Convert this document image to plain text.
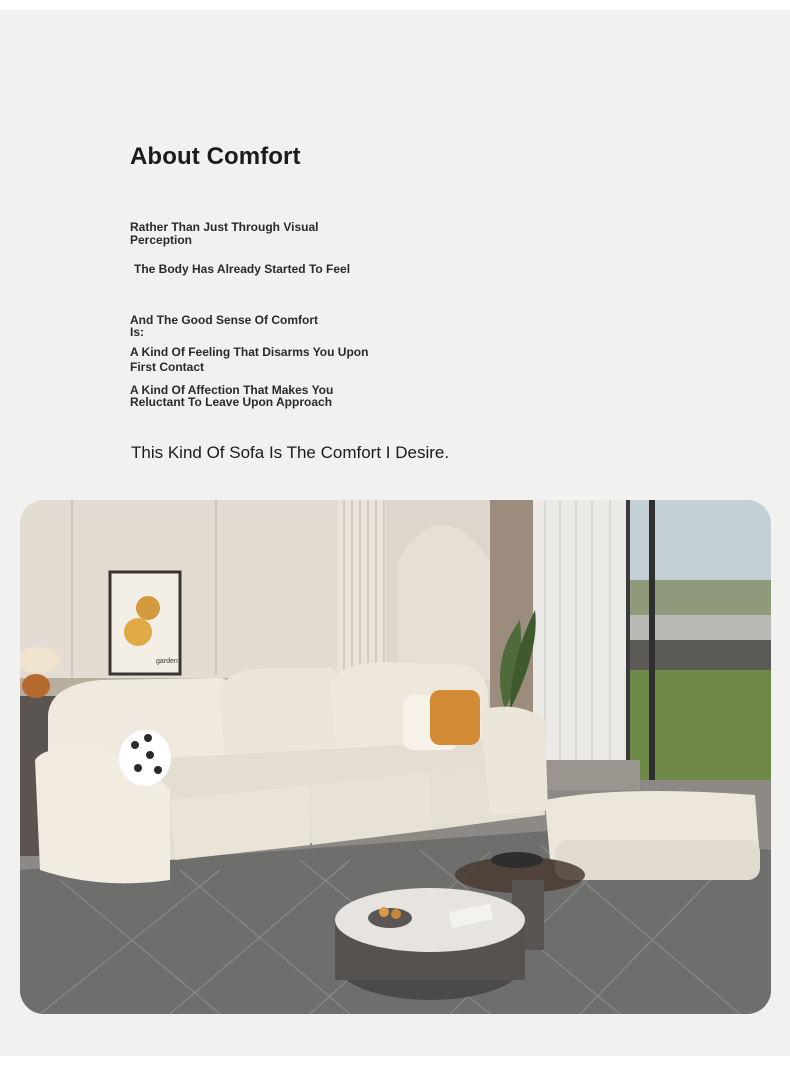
About Comfort
Rather Than Just Through Visual Perception
The Body Has Already Started To Feel
And The Good Sense Of Comfort Is:
A Kind Of Feeling That Disarms You Upon First Contact
A Kind Of Affection That Makes You Reluctant To Leave Upon Approach
This Kind Of Sofa Is The Comfort I Desire.
garden
